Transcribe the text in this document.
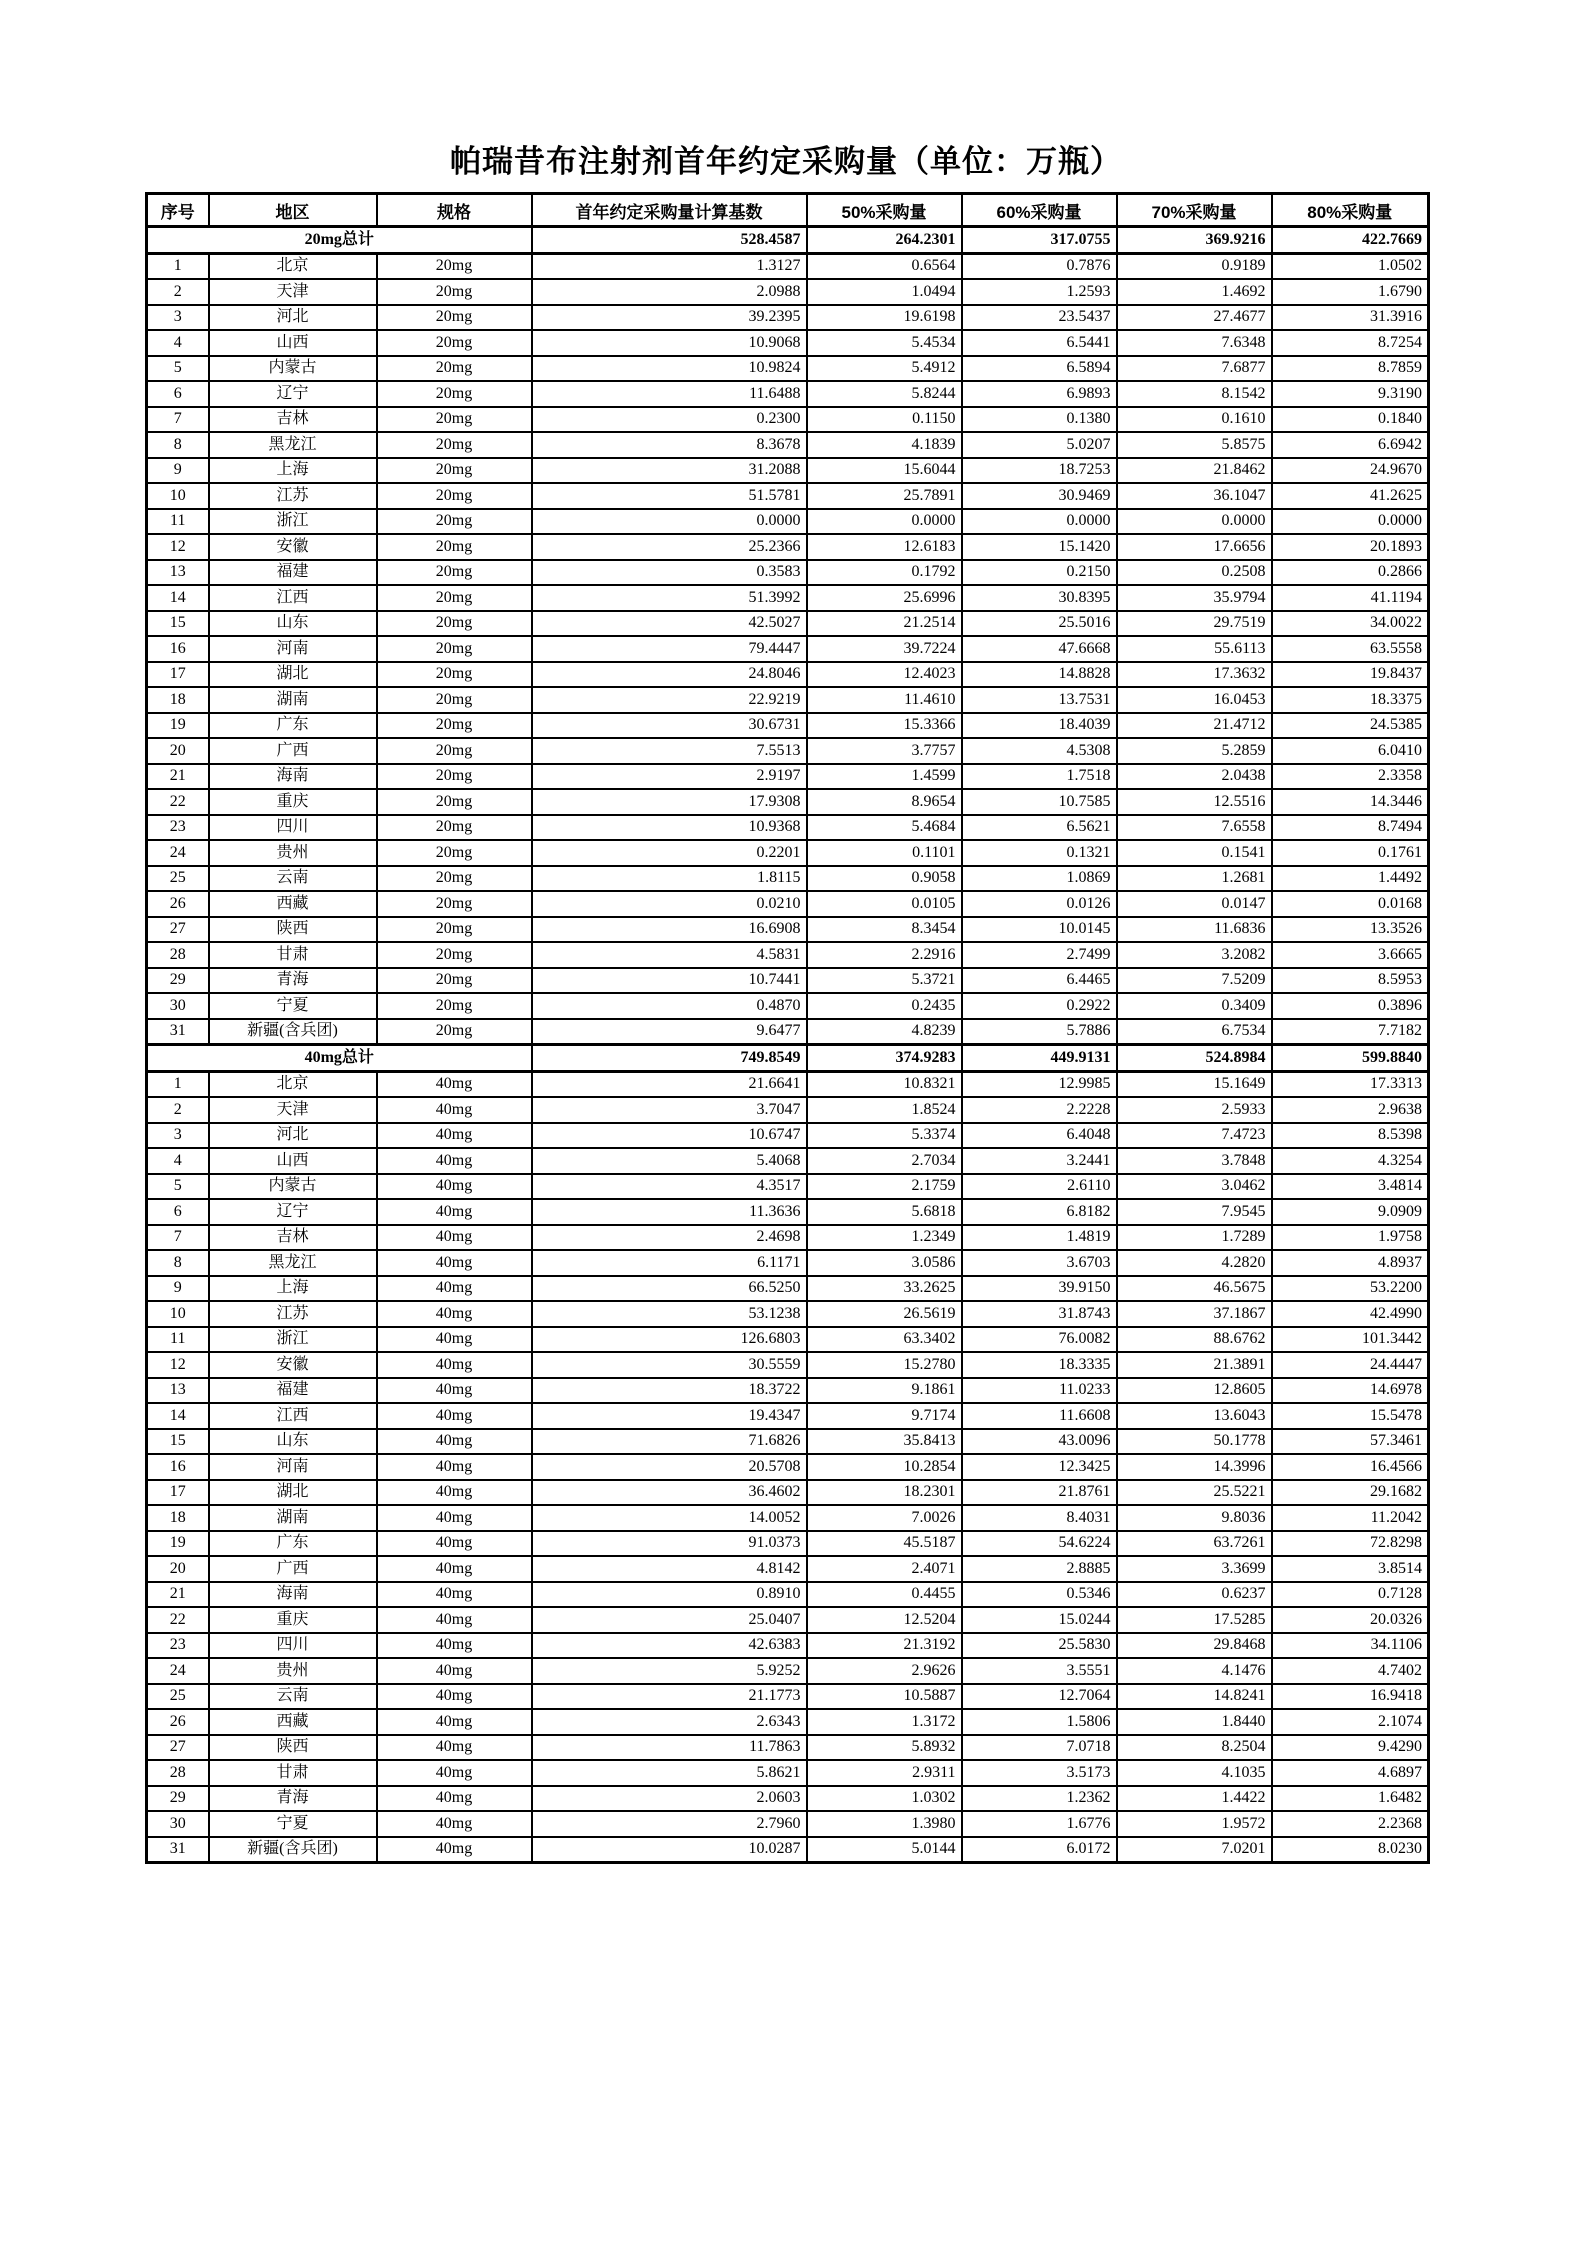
帕瑞昔布注射剂首年约定采购量（单位：万瓶）
序号	地区	规格	首年约定采购量计算基数	50%采购量	60%采购量	70%采购量	80%采购量
20mg总计			528.4587	264.2301	317.0755	369.9216	422.7669
1	北京	20mg	1.3127	0.6564	0.7876	0.9189	1.0502
2	天津	20mg	2.0988	1.0494	1.2593	1.4692	1.6790
3	河北	20mg	39.2395	19.6198	23.5437	27.4677	31.3916
4	山西	20mg	10.9068	5.4534	6.5441	7.6348	8.7254
5	内蒙古	20mg	10.9824	5.4912	6.5894	7.6877	8.7859
6	辽宁	20mg	11.6488	5.8244	6.9893	8.1542	9.3190
7	吉林	20mg	0.2300	0.1150	0.1380	0.1610	0.1840
8	黑龙江	20mg	8.3678	4.1839	5.0207	5.8575	6.6942
9	上海	20mg	31.2088	15.6044	18.7253	21.8462	24.9670
10	江苏	20mg	51.5781	25.7891	30.9469	36.1047	41.2625
11	浙江	20mg	0.0000	0.0000	0.0000	0.0000	0.0000
12	安徽	20mg	25.2366	12.6183	15.1420	17.6656	20.1893
13	福建	20mg	0.3583	0.1792	0.2150	0.2508	0.2866
14	江西	20mg	51.3992	25.6996	30.8395	35.9794	41.1194
15	山东	20mg	42.5027	21.2514	25.5016	29.7519	34.0022
16	河南	20mg	79.4447	39.7224	47.6668	55.6113	63.5558
17	湖北	20mg	24.8046	12.4023	14.8828	17.3632	19.8437
18	湖南	20mg	22.9219	11.4610	13.7531	16.0453	18.3375
19	广东	20mg	30.6731	15.3366	18.4039	21.4712	24.5385
20	广西	20mg	7.5513	3.7757	4.5308	5.2859	6.0410
21	海南	20mg	2.9197	1.4599	1.7518	2.0438	2.3358
22	重庆	20mg	17.9308	8.9654	10.7585	12.5516	14.3446
23	四川	20mg	10.9368	5.4684	6.5621	7.6558	8.7494
24	贵州	20mg	0.2201	0.1101	0.1321	0.1541	0.1761
25	云南	20mg	1.8115	0.9058	1.0869	1.2681	1.4492
26	西藏	20mg	0.0210	0.0105	0.0126	0.0147	0.0168
27	陕西	20mg	16.6908	8.3454	10.0145	11.6836	13.3526
28	甘肃	20mg	4.5831	2.2916	2.7499	3.2082	3.6665
29	青海	20mg	10.7441	5.3721	6.4465	7.5209	8.5953
30	宁夏	20mg	0.4870	0.2435	0.2922	0.3409	0.3896
31	新疆(含兵团)	20mg	9.6477	4.8239	5.7886	6.7534	7.7182
40mg总计			749.8549	374.9283	449.9131	524.8984	599.8840
1	北京	40mg	21.6641	10.8321	12.9985	15.1649	17.3313
2	天津	40mg	3.7047	1.8524	2.2228	2.5933	2.9638
3	河北	40mg	10.6747	5.3374	6.4048	7.4723	8.5398
4	山西	40mg	5.4068	2.7034	3.2441	3.7848	4.3254
5	内蒙古	40mg	4.3517	2.1759	2.6110	3.0462	3.4814
6	辽宁	40mg	11.3636	5.6818	6.8182	7.9545	9.0909
7	吉林	40mg	2.4698	1.2349	1.4819	1.7289	1.9758
8	黑龙江	40mg	6.1171	3.0586	3.6703	4.2820	4.8937
9	上海	40mg	66.5250	33.2625	39.9150	46.5675	53.2200
10	江苏	40mg	53.1238	26.5619	31.8743	37.1867	42.4990
11	浙江	40mg	126.6803	63.3402	76.0082	88.6762	101.3442
12	安徽	40mg	30.5559	15.2780	18.3335	21.3891	24.4447
13	福建	40mg	18.3722	9.1861	11.0233	12.8605	14.6978
14	江西	40mg	19.4347	9.7174	11.6608	13.6043	15.5478
15	山东	40mg	71.6826	35.8413	43.0096	50.1778	57.3461
16	河南	40mg	20.5708	10.2854	12.3425	14.3996	16.4566
17	湖北	40mg	36.4602	18.2301	21.8761	25.5221	29.1682
18	湖南	40mg	14.0052	7.0026	8.4031	9.8036	11.2042
19	广东	40mg	91.0373	45.5187	54.6224	63.7261	72.8298
20	广西	40mg	4.8142	2.4071	2.8885	3.3699	3.8514
21	海南	40mg	0.8910	0.4455	0.5346	0.6237	0.7128
22	重庆	40mg	25.0407	12.5204	15.0244	17.5285	20.0326
23	四川	40mg	42.6383	21.3192	25.5830	29.8468	34.1106
24	贵州	40mg	5.9252	2.9626	3.5551	4.1476	4.7402
25	云南	40mg	21.1773	10.5887	12.7064	14.8241	16.9418
26	西藏	40mg	2.6343	1.3172	1.5806	1.8440	2.1074
27	陕西	40mg	11.7863	5.8932	7.0718	8.2504	9.4290
28	甘肃	40mg	5.8621	2.9311	3.5173	4.1035	4.6897
29	青海	40mg	2.0603	1.0302	1.2362	1.4422	1.6482
30	宁夏	40mg	2.7960	1.3980	1.6776	1.9572	2.2368
31	新疆(含兵团)	40mg	10.0287	5.0144	6.0172	7.0201	8.0230
